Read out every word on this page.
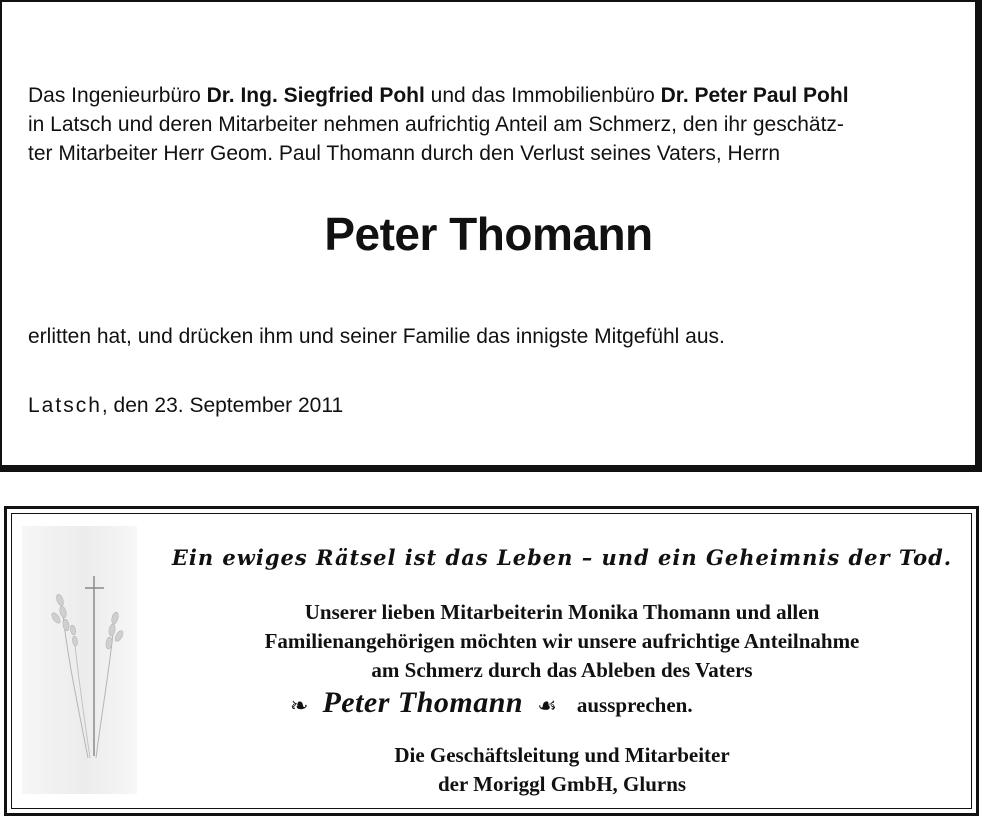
Das Ingenieurbüro Dr. Ing. Siegfried Pohl und das Immobilienbüro Dr. Peter Paul Pohl
in Latsch und deren Mitarbeiter nehmen aufrichtig Anteil am Schmerz, den ihr geschätz-
ter Mitarbeiter Herr Geom. Paul Thomann durch den Verlust seines Vaters, Herrn

Peter Thomann

erlitten hat, und drücken ihm und seiner Familie das innigste Mitgefühl aus.

Latsch, den 23. September 2011

Ein ewiges Rätsel ist das Leben – und ein Geheimnis der Tod.

Unserer lieben Mitarbeiterin Monika Thomann und allen
Familienangehörigen möchten wir unsere aufrichtige Anteilnahme
am Schmerz durch das Ableben des Vaters

❧ Peter Thomann ☙ aussprechen.

Die Geschäftsleitung und Mitarbeiter
der Moriggl GmbH, Glurns
